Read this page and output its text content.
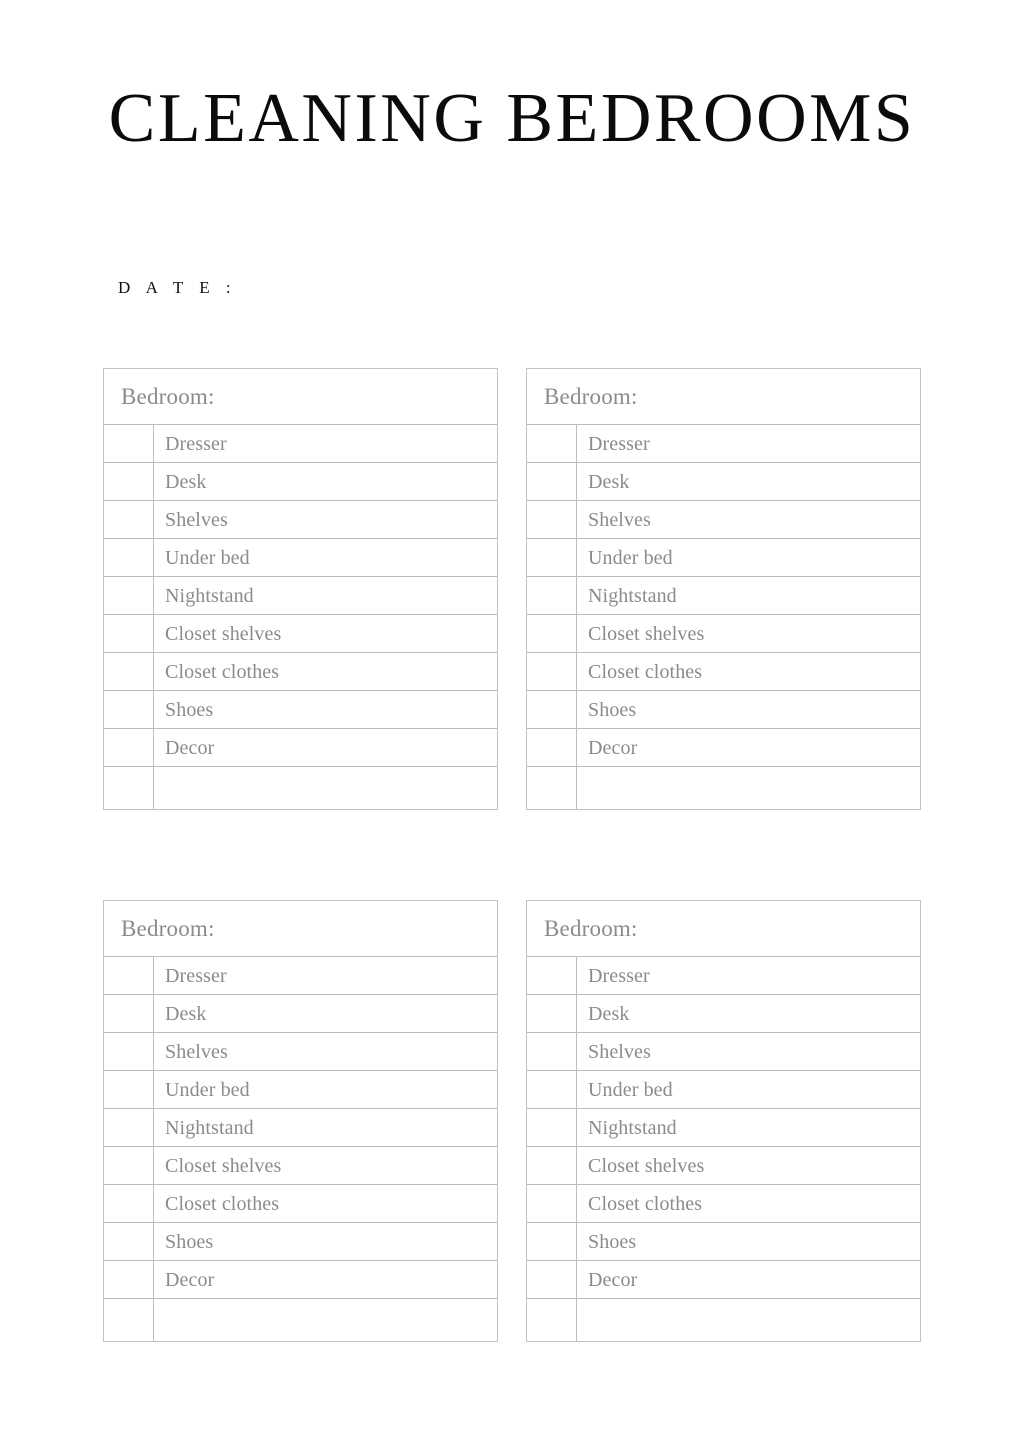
CLEANING BEDROOMS
D A T E :
Bedroom:
Dresser
Desk
Shelves
Under bed
Nightstand
Closet shelves
Closet clothes
Shoes
Decor
Bedroom:
Dresser
Desk
Shelves
Under bed
Nightstand
Closet shelves
Closet clothes
Shoes
Decor
Bedroom:
Dresser
Desk
Shelves
Under bed
Nightstand
Closet shelves
Closet clothes
Shoes
Decor
Bedroom:
Dresser
Desk
Shelves
Under bed
Nightstand
Closet shelves
Closet clothes
Shoes
Decor
